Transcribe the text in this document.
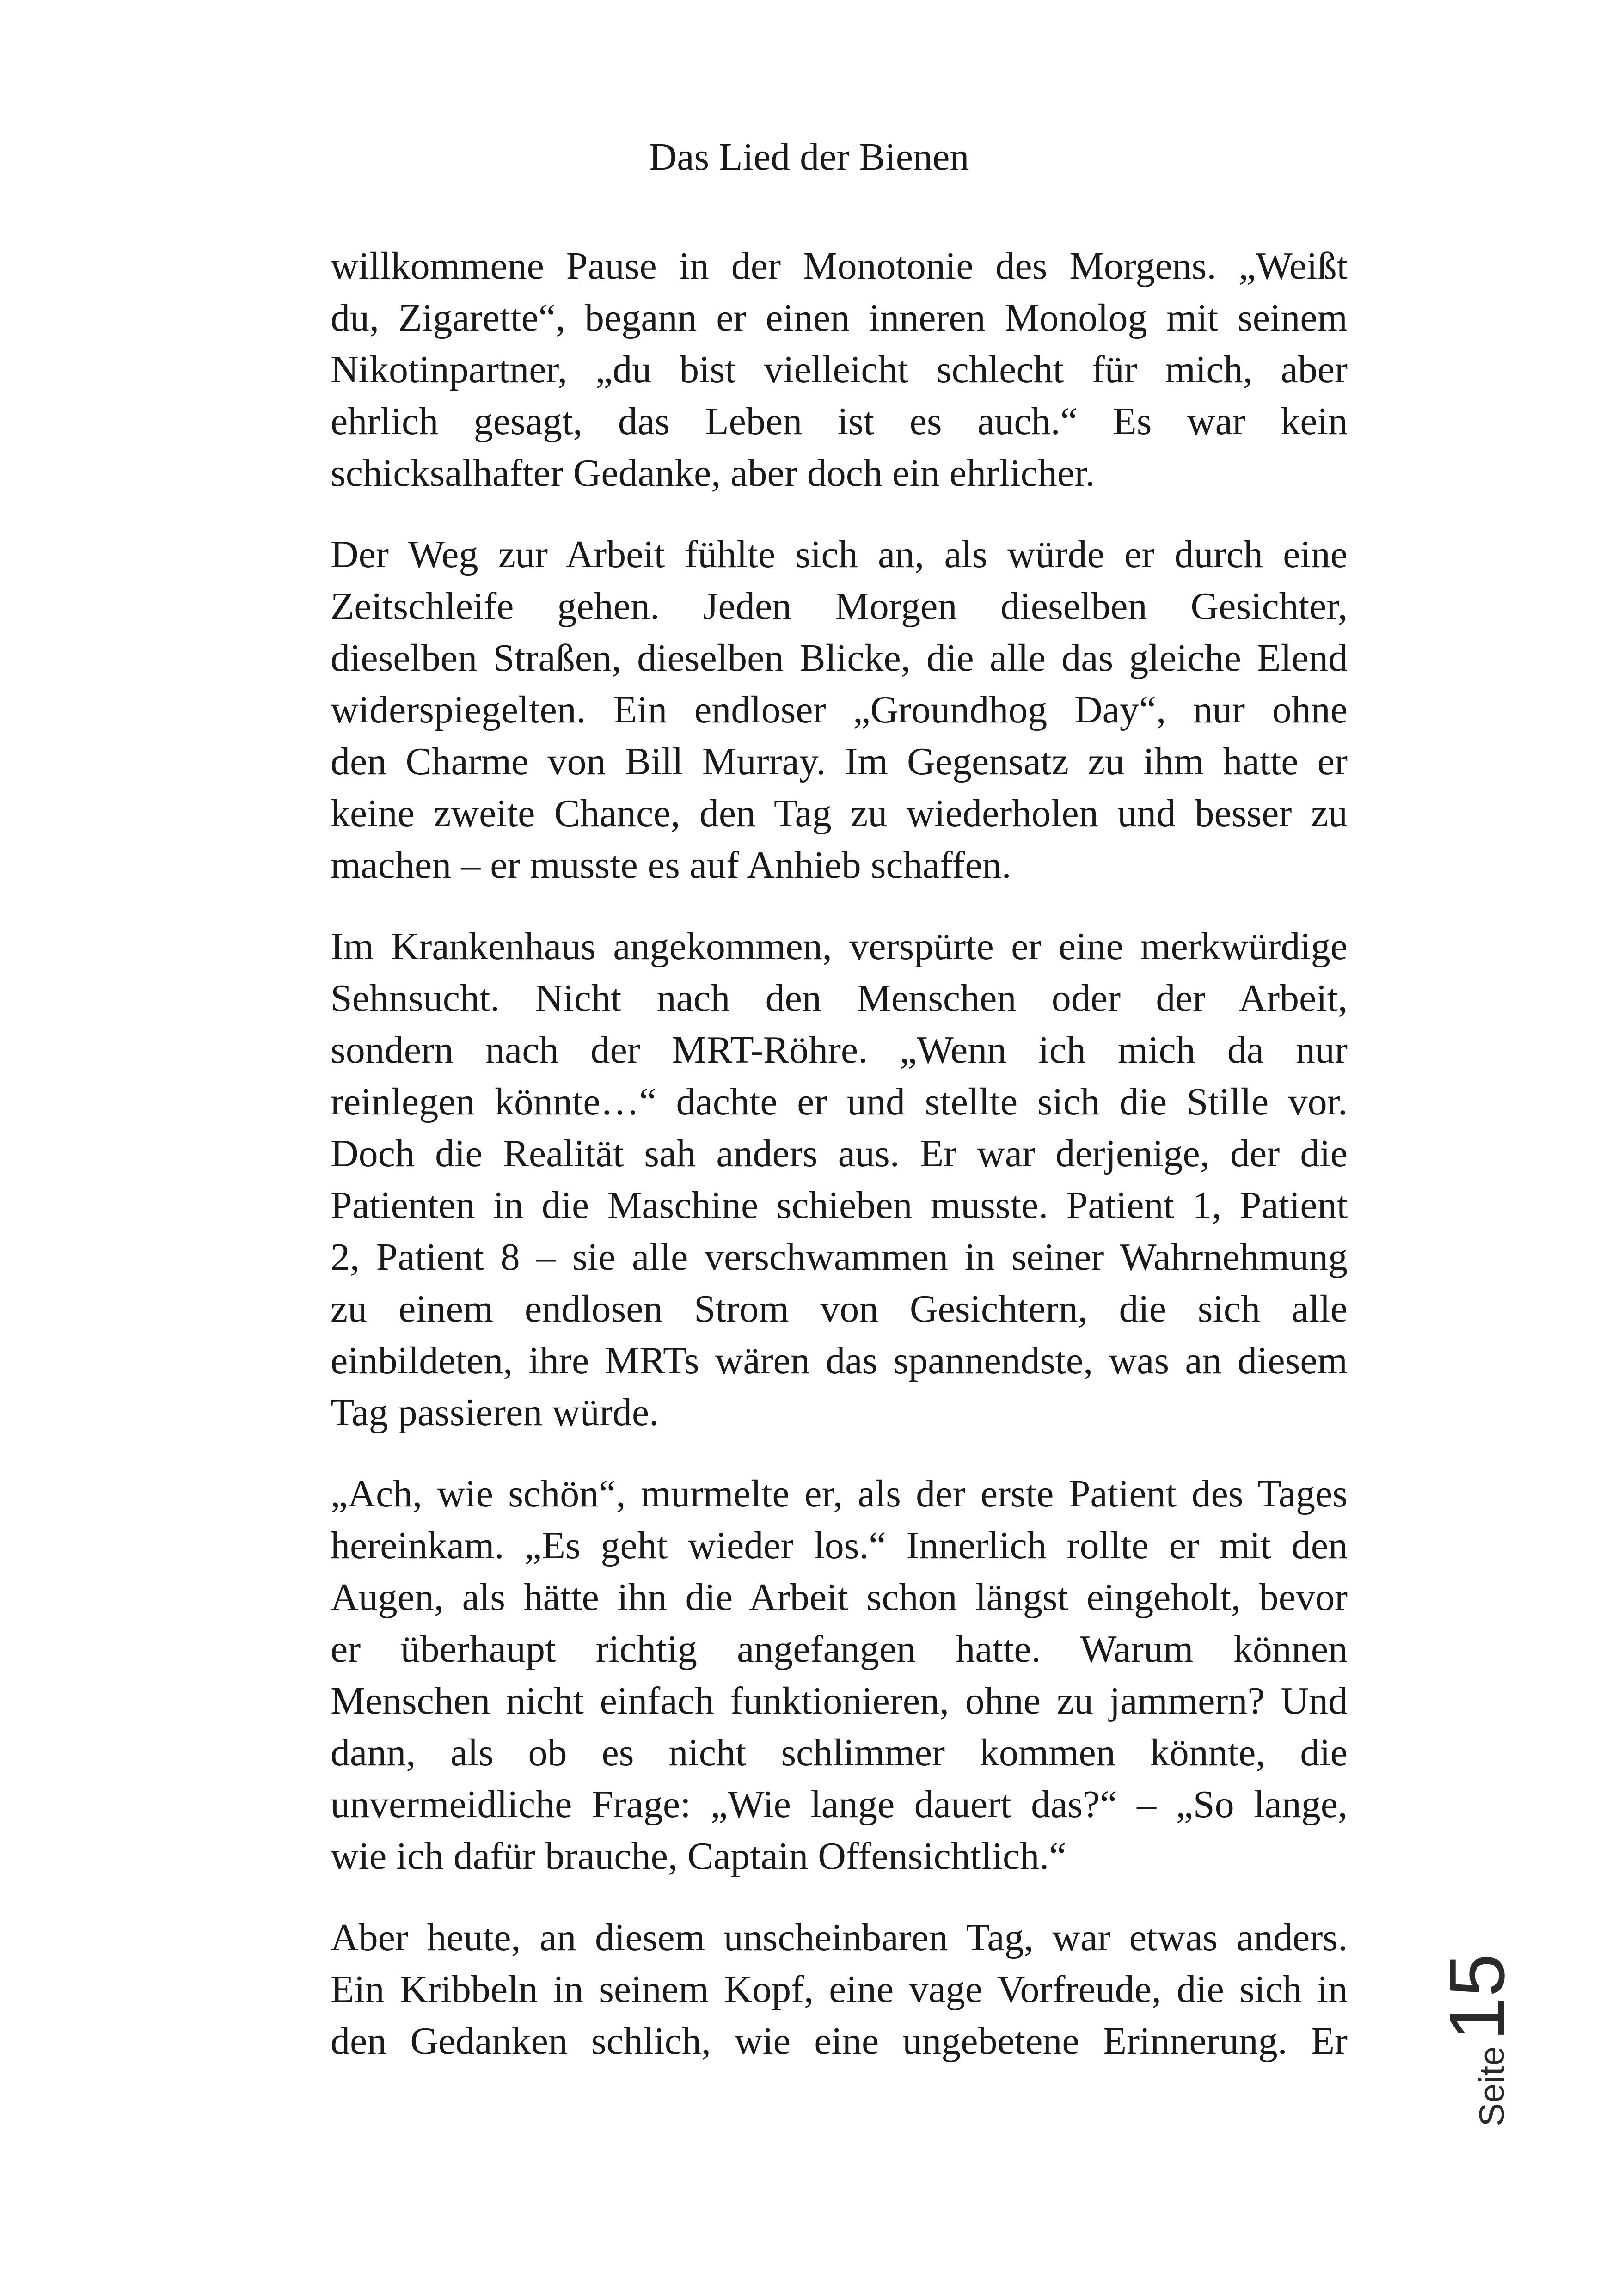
Das Lied der Bienen
willkommene Pause in der Monotonie des Morgens. „Weißt
du, Zigarette“, begann er einen inneren Monolog mit seinem
Nikotinpartner, „du bist vielleicht schlecht für mich, aber
ehrlich gesagt, das Leben ist es auch.“ Es war kein
schicksalhafter Gedanke, aber doch ein ehrlicher.
Der Weg zur Arbeit fühlte sich an, als würde er durch eine
Zeitschleife gehen. Jeden Morgen dieselben Gesichter,
dieselben Straßen, dieselben Blicke, die alle das gleiche Elend
widerspiegelten. Ein endloser „Groundhog Day“, nur ohne
den Charme von Bill Murray. Im Gegensatz zu ihm hatte er
keine zweite Chance, den Tag zu wiederholen und besser zu
machen – er musste es auf Anhieb schaffen.
Im Krankenhaus angekommen, verspürte er eine merkwürdige
Sehnsucht. Nicht nach den Menschen oder der Arbeit,
sondern nach der MRT-Röhre. „Wenn ich mich da nur
reinlegen könnte…“ dachte er und stellte sich die Stille vor.
Doch die Realität sah anders aus. Er war derjenige, der die
Patienten in die Maschine schieben musste. Patient 1, Patient
2, Patient 8 – sie alle verschwammen in seiner Wahrnehmung
zu einem endlosen Strom von Gesichtern, die sich alle
einbildeten, ihre MRTs wären das spannendste, was an diesem
Tag passieren würde.
„Ach, wie schön“, murmelte er, als der erste Patient des Tages
hereinkam. „Es geht wieder los.“ Innerlich rollte er mit den
Augen, als hätte ihn die Arbeit schon längst eingeholt, bevor
er überhaupt richtig angefangen hatte. Warum können
Menschen nicht einfach funktionieren, ohne zu jammern? Und
dann, als ob es nicht schlimmer kommen könnte, die
unvermeidliche Frage: „Wie lange dauert das?“ – „So lange,
wie ich dafür brauche, Captain Offensichtlich.“
Aber heute, an diesem unscheinbaren Tag, war etwas anders.
Ein Kribbeln in seinem Kopf, eine vage Vorfreude, die sich in
den Gedanken schlich, wie eine ungebetene Erinnerung. Er
Seite
15
